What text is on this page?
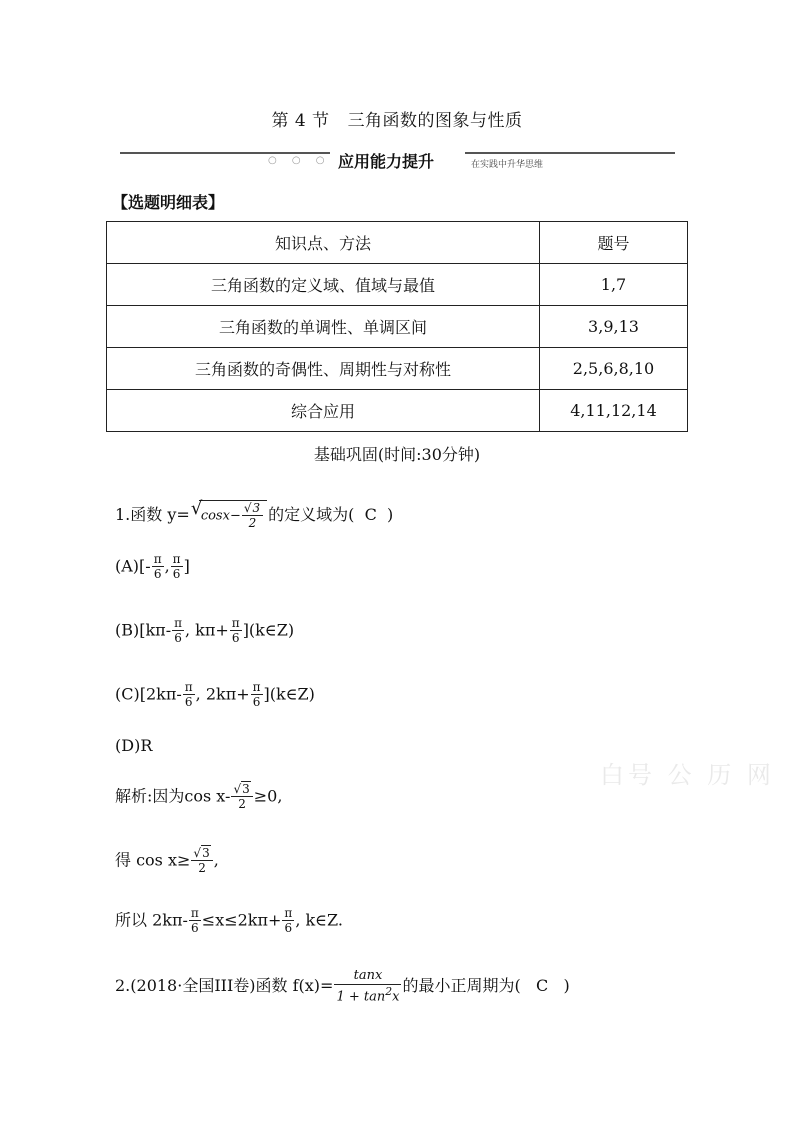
第 4 节 三角函数的图象与性质
○ ○ ○ 应用能力提升	在实践中升华思维
【选题明细表】
知识点、方法	题号
三角函数的定义域、值域与最值	1,7
三角函数的单调性、单调区间	3,9,13
三角函数的奇偶性、周期性与对称性	2,5,6,8,10
综合应用	4,11,12,14
基础巩固(时间:30分钟)
1.函数 y= √
$\cos x- \frac{√3}{2}$ 的定义域为( C )
$(A)[- \frac{\pi}{6}$ , $\frac{\pi}{6}$ ]
$(B)[k\pi- \frac{\pi}{6}$ , $k\pi+ \frac{\pi}{6}$ ](k∈Z)
$(C)[2k\pi- \frac{\pi}{6}$ , $2k\pi+ \frac{\pi}{6}$ ](k∈Z)
(D)R
白号 公 历 网
解析:因为$\cos x- \frac{√3}{2} \ge 0$,
得 $\cos x\ge \frac{√3}{2}$ ,
所以 $2k\pi- \frac{\pi}{6} \le x\le 2k\pi+ \frac{\pi}{6}$ , k∈Z.
2.(2018·全国III卷)函数 $f(x)= \frac{\tan x}{1 + \tan^2x}$ 的最小正周期为( C )
